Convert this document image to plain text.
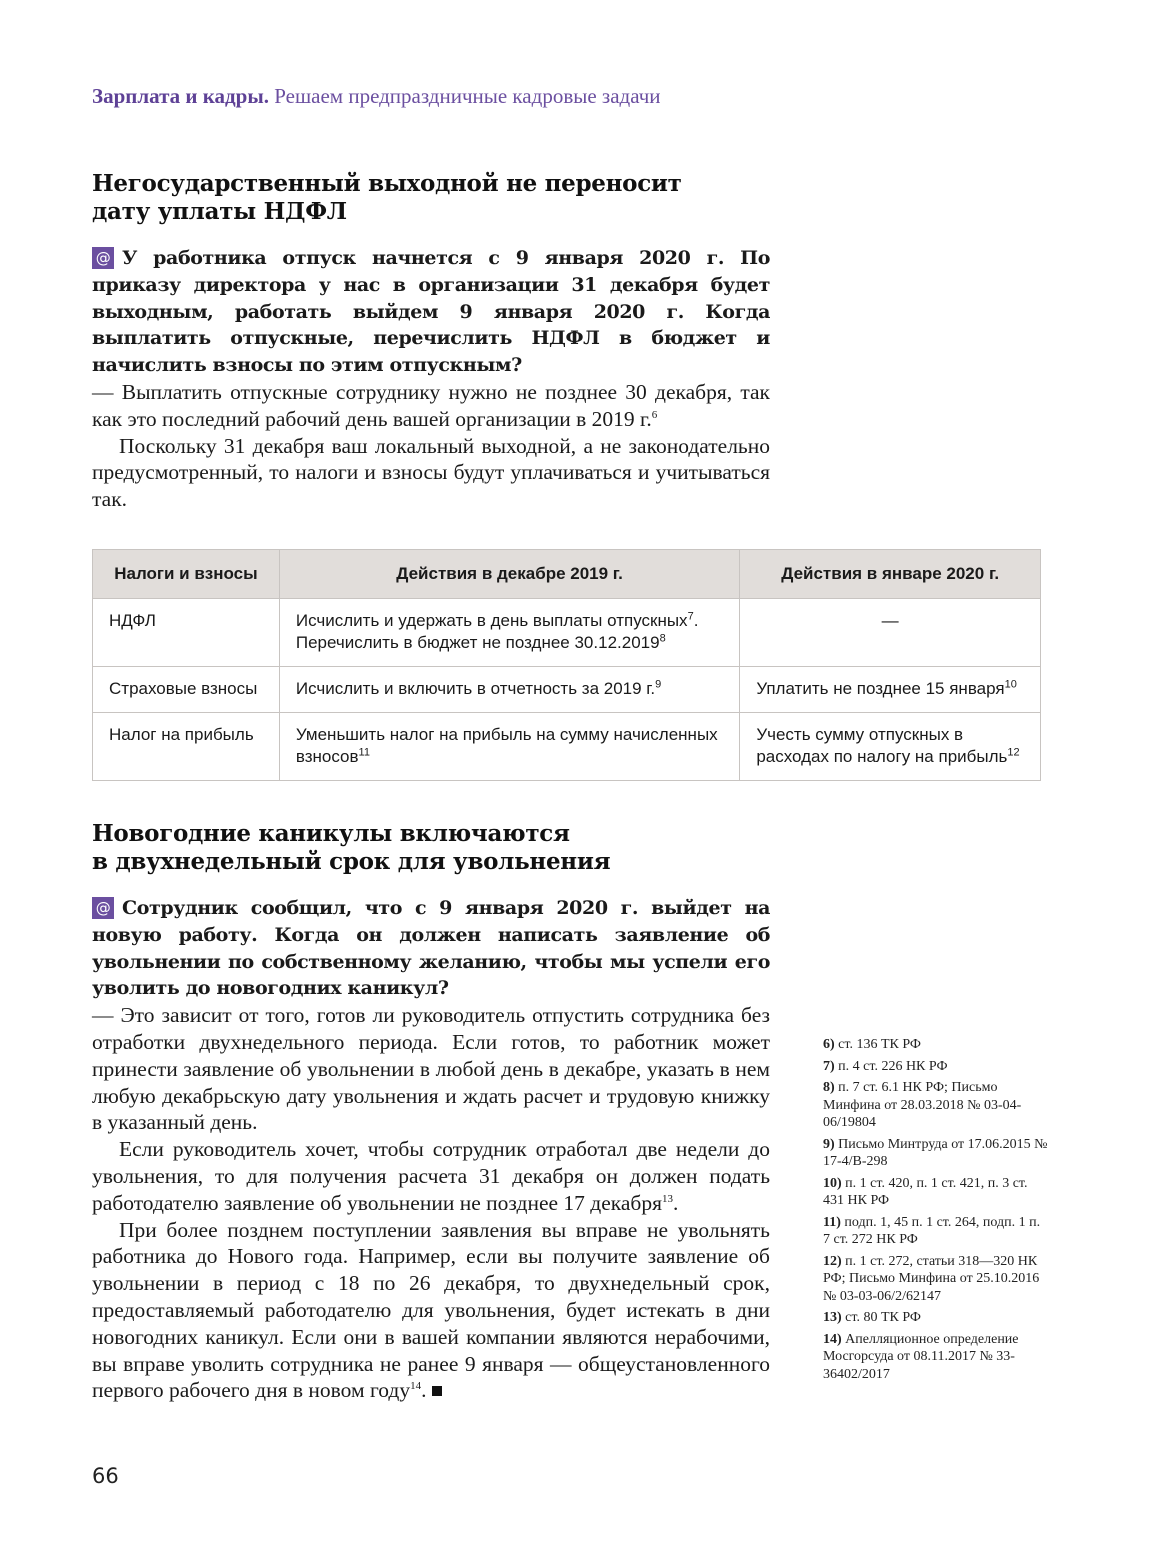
Зарплата и кадры. Решаем предпраздничные кадровые задачи
Негосударственный выходной не переносит
дату уплаты НДФЛ

@ У работника отпуск начнется с 9 января 2020 г. По приказу директора у нас в организации 31 декабря будет выходным, работать выйдем 9 января 2020 г. Когда выплатить отпускные, перечислить НДФЛ в бюджет и начислить взносы по этим отпускным?

— Выплатить отпускные сотруднику нужно не позднее 30 декабря, так как это последний рабочий день вашей организации в 2019 г.$^6$

Поскольку 31 декабря ваш локальный выходной, а не законодательно предусмотренный, то налоги и взносы будут уплачиваться и учитываться так.

Налоги и взносы	Действия в декабре 2019 г.	Действия в январе 2020 г.
НДФЛ	Исчислить и удержать в день выплаты отпускных$^7$.
Перечислить в бюджет не позднее 30.12.2019$^8$	—
Страховые взносы	Исчислить и включить в отчетность за 2019 г.$^9$	Уплатить не позднее 15 января$^{10}$
Налог на прибыль	Уменьшить налог на прибыль на сумму начисленных взносов$^{11}$	Учесть сумму отпускных в расходах по налогу на прибыль$^{12}$
Новогодние каникулы включаются
в двухнедельный срок для увольнения

@ Сотрудник сообщил, что с 9 января 2020 г. выйдет на новую работу. Когда он должен написать заявление об увольнении по собственному желанию, чтобы мы успели его уволить до новогодних каникул?

— Это зависит от того, готов ли руководитель отпустить сотрудника без отработки двухнедельного периода. Если готов, то работник может принести заявление об увольнении в любой день в декабре, указать в нем любую декабрьскую дату увольнения и ждать расчет и трудовую книжку в указанный день.

Если руководитель хочет, чтобы сотрудник отработал две недели до увольнения, то для получения расчета 31 декабря он должен подать работодателю заявление об увольнении не позднее 17 декабря$^{13}$.

При более позднем поступлении заявления вы вправе не увольнять работника до Нового года. Например, если вы получите заявление об увольнении в период с 18 по 26 декабря, то двухнедельный срок, предоставляемый работодателю для увольнения, будет истекать в дни новогодних каникул. Если они в вашей компании являются нерабочими, вы вправе уволить сотрудника не ранее 9 января — общеустановленного первого рабочего дня в новом году$^{14}$.

6) ст. 136 ТК РФ
7) п. 4 ст. 226 НК РФ
8) п. 7 ст. 6.1 НК РФ; Письмо Минфина от 28.03.2018 № 03-04-06/19804
9) Письмо Минтруда от 17.06.2015 № 17-4/В-298
10) п. 1 ст. 420, п. 1 ст. 421, п. 3 ст. 431 НК РФ
11) подп. 1, 45 п. 1 ст. 264, подп. 1 п. 7 ст. 272 НК РФ
12) п. 1 ст. 272, статьи 318—320 НК РФ; Письмо Минфина от 25.10.2016 № 03-03-06/2/62147
13) ст. 80 ТК РФ
14) Апелляционное определение Мосгорсуда от 08.11.2017 № 33-36402/2017
66
